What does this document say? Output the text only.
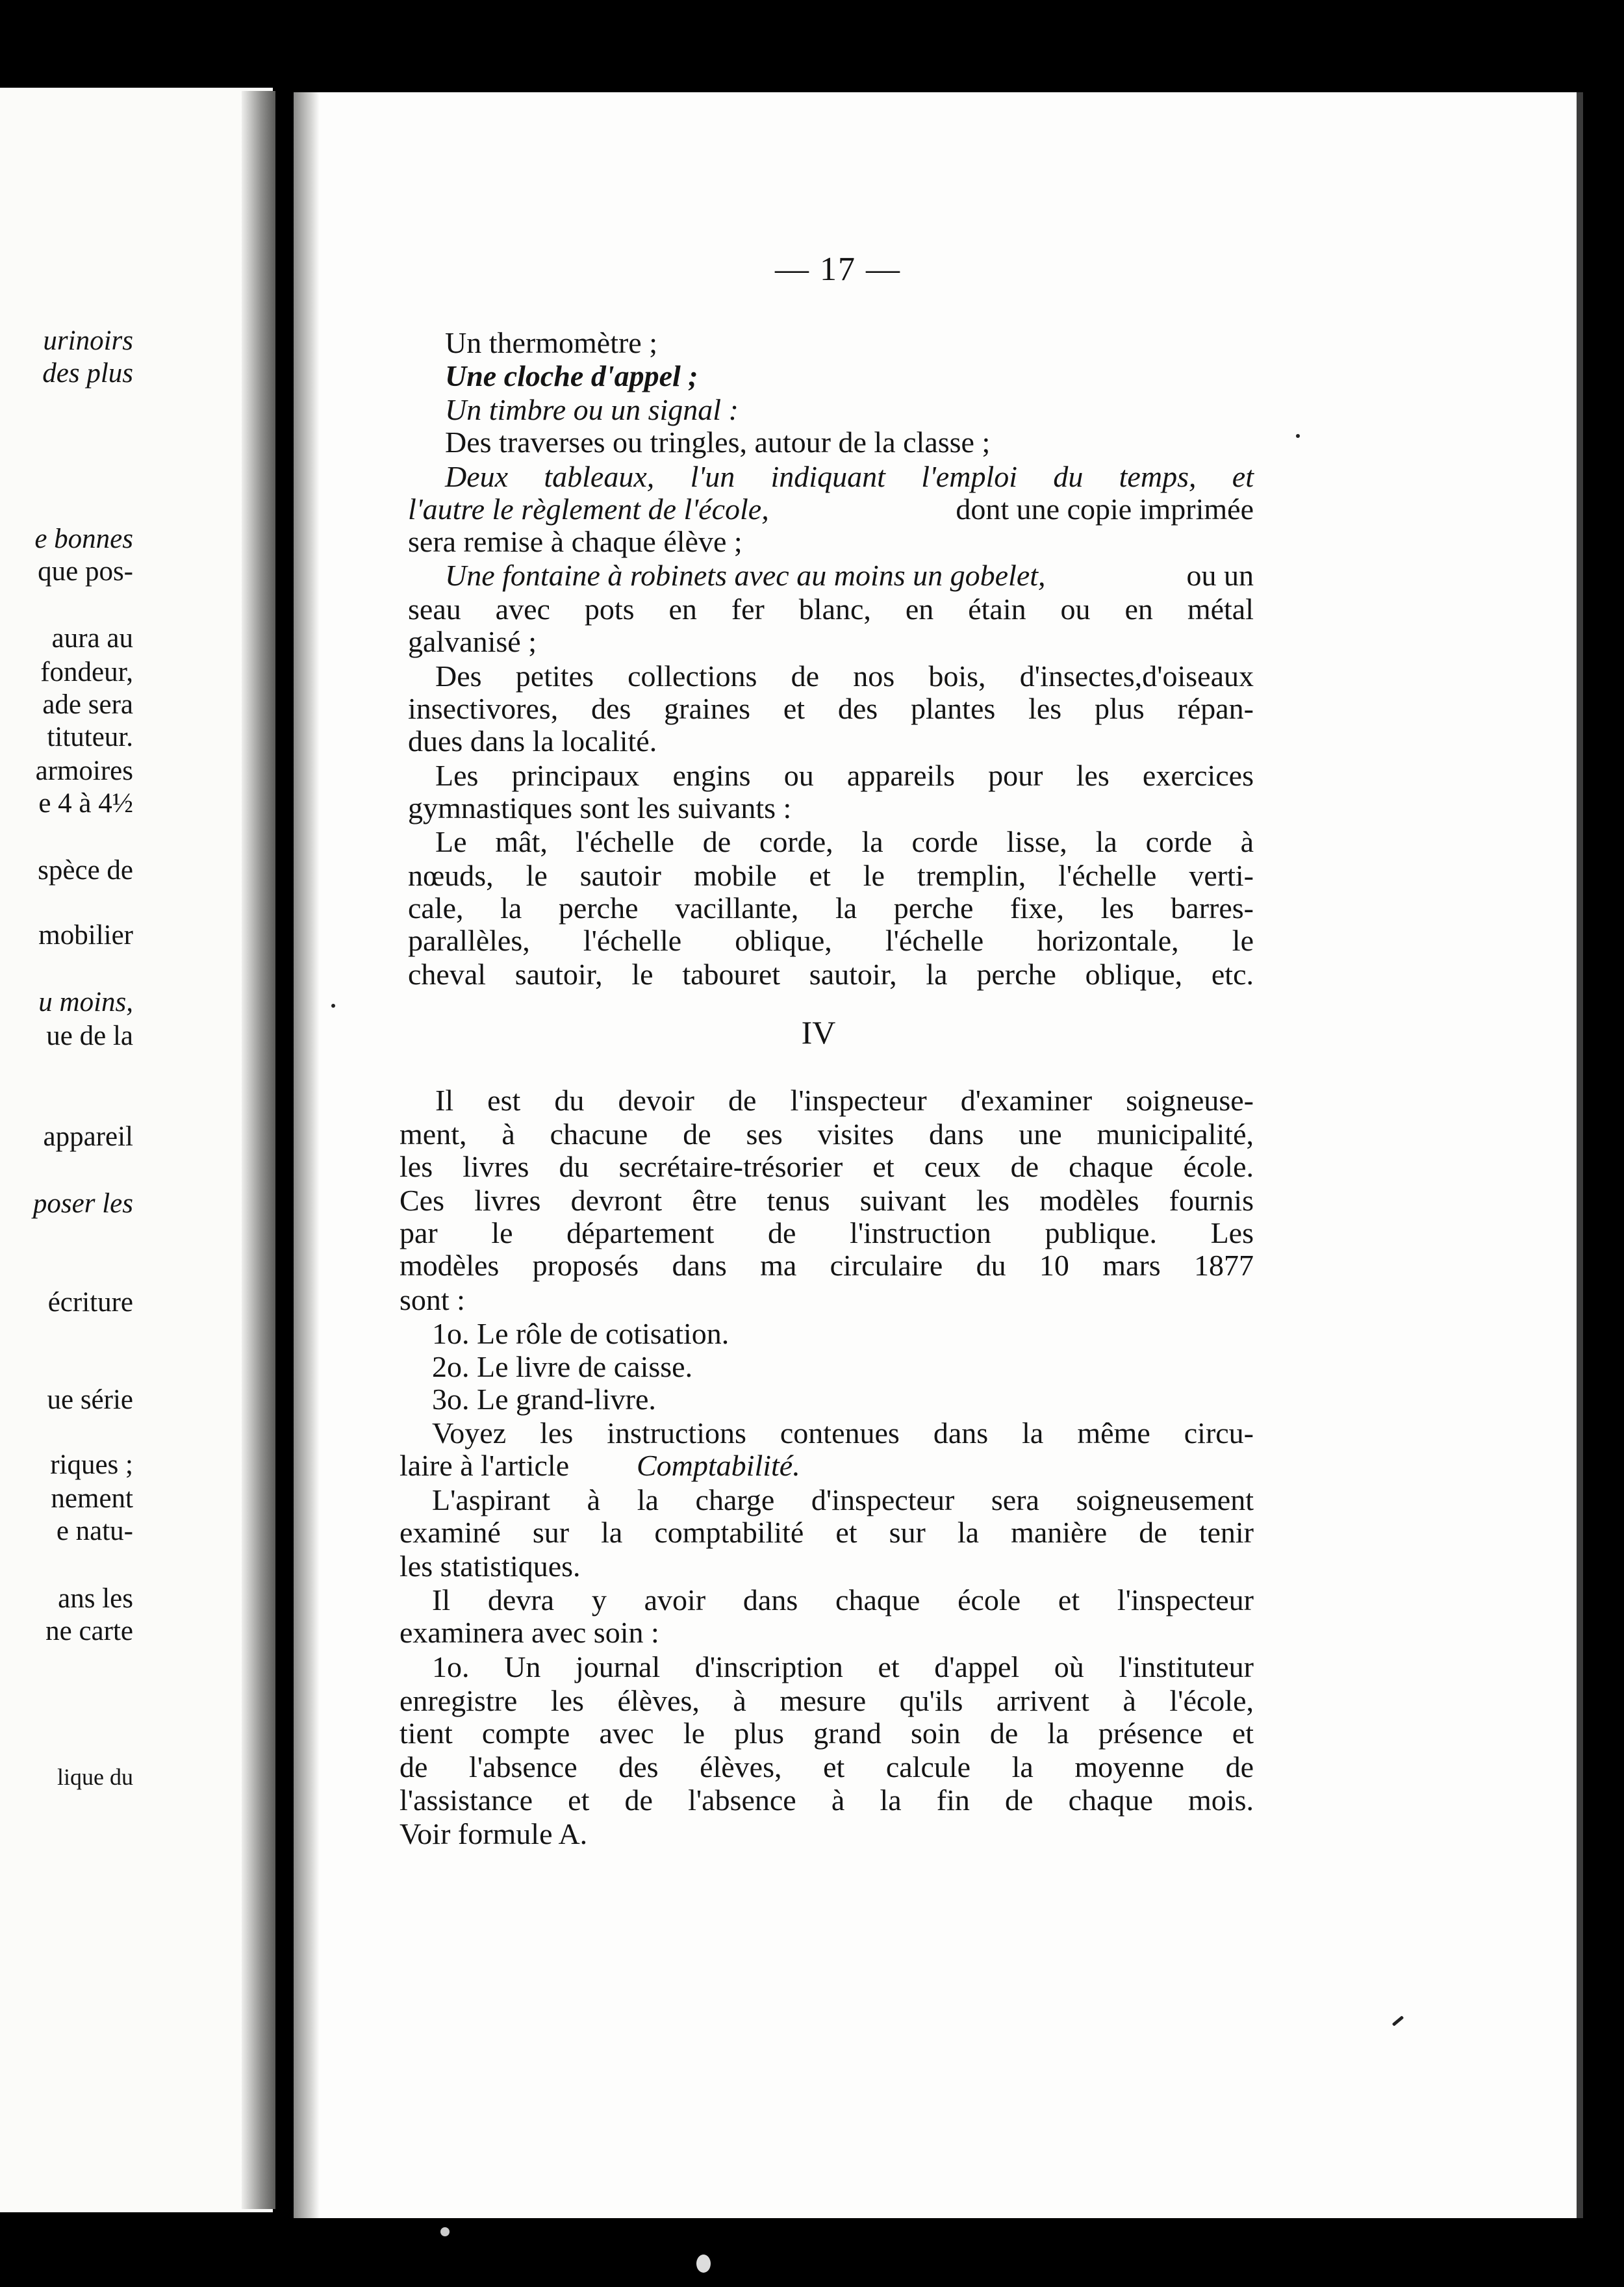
urinoirs
des plus
e bonnes
que pos-
aura au
fondeur,
ade sera
tituteur.
armoires
e 4 à 4½
spèce de
mobilier
u moins,
ue de la
appareil
poser les
écriture
ue série
riques ;
nement
e natu-
ans les
ne carte
lique du
— 17 —
Un thermomètre ;
Une cloche d'appel ;
Un timbre ou un signal :
Des traverses ou tringles, autour de la classe ;
Deux tableaux, l'un indiquant l'emploi du temps, et
l'autre le règlement de l'école,	dont une copie imprimée
sera remise à chaque élève ;
Une fontaine à robinets avec au moins un gobelet,	ou un
seau avec pots en fer blanc, en étain ou en métal
galvanisé ;
Des petites collections de nos bois, d'insectes,d'oiseaux
insectivores, des graines et des plantes les plus répan-
dues dans la localité.
Les principaux engins ou appareils pour les exercices
gymnastiques sont les suivants :
Le mât, l'échelle de corde, la corde lisse, la corde à
nœuds, le sautoir mobile et le tremplin, l'échelle verti-
cale, la perche vacillante, la perche fixe, les barres-
parallèles, l'échelle oblique, l'échelle horizontale, le
cheval sautoir, le tabouret sautoir, la perche oblique, etc.
IV
Il est du devoir de l'inspecteur d'examiner soigneuse-
ment, à chacune de ses visites dans une municipalité,
les livres du secrétaire-trésorier et ceux de chaque école.
Ces livres devront être tenus suivant les modèles fournis
par le département de l'instruction publique. Les
modèles proposés dans ma circulaire du 10 mars 1877
sont :
1o. Le rôle de cotisation.
2o. Le livre de caisse.
3o. Le grand-livre.
Voyez les instructions contenues dans la même circu-
laire à l'article Comptabilité.
L'aspirant à la charge d'inspecteur sera soigneusement
examiné sur la comptabilité et sur la manière de tenir
les statistiques.
Il devra y avoir dans chaque école et l'inspecteur
examinera avec soin :
1o. Un journal d'inscription et d'appel où l'instituteur
enregistre les élèves, à mesure qu'ils arrivent à l'école,
tient compte avec le plus grand soin de la présence et
de l'absence des élèves, et calcule la moyenne de
l'assistance et de l'absence à la fin de chaque mois.
Voir formule A.
